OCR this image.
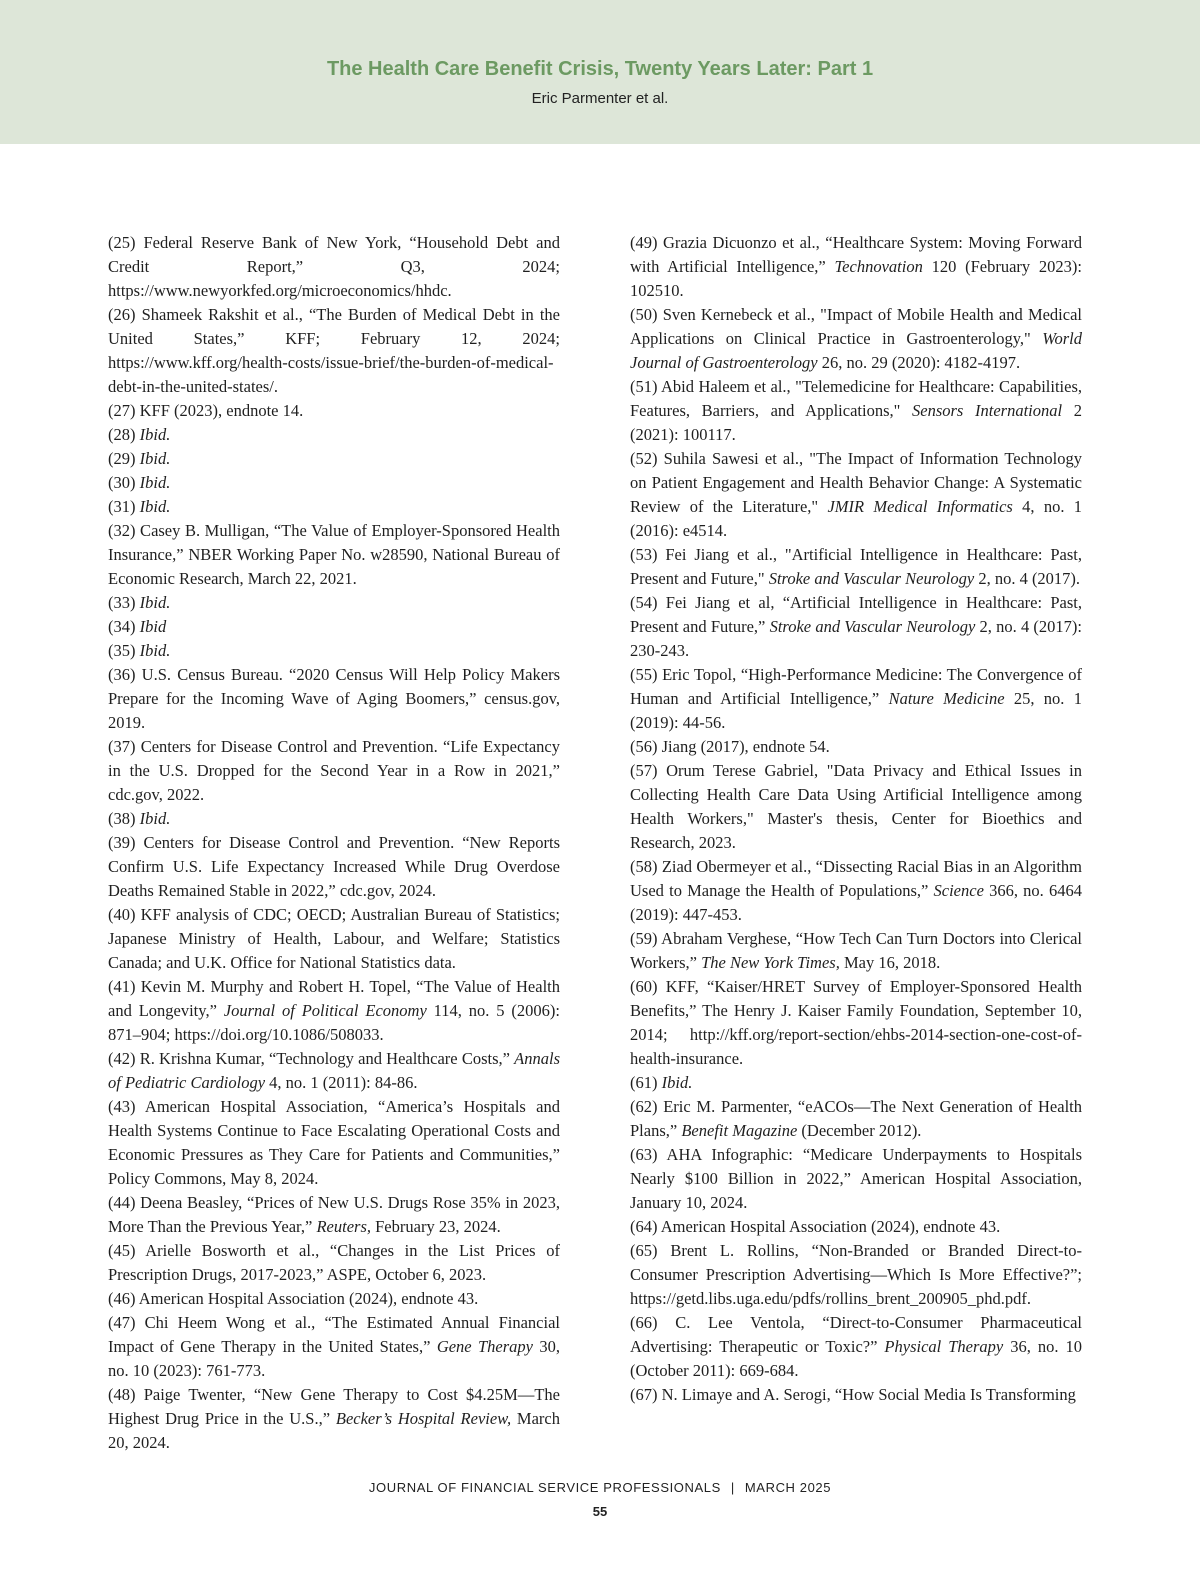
The Health Care Benefit Crisis, Twenty Years Later: Part 1
Eric Parmenter et al.

(25) Federal Reserve Bank of New York, “Household Debt and Credit Report,” Q3, 2024; https://www.newyorkfed.org/microeconomics/hhdc.

(26) Shameek Rakshit et al., “The Burden of Medical Debt in the United States,” KFF; February 12, 2024; https://www.kff.org/health-costs/issue-brief/the-burden-of-medical-debt-in-the-united-states/.

(27) KFF (2023), endnote 14.

(28) Ibid.

(29) Ibid.

(30) Ibid.

(31) Ibid.

(32) Casey B. Mulligan, “The Value of Employer-Sponsored Health Insurance,” NBER Working Paper No. w28590, National Bureau of Economic Research, March 22, 2021.

(33) Ibid.

(34) Ibid

(35) Ibid.

(36) U.S. Census Bureau. “2020 Census Will Help Policy Makers Prepare for the Incoming Wave of Aging Boomers,” census.gov, 2019.

(37) Centers for Disease Control and Prevention. “Life Expectancy in the U.S. Dropped for the Second Year in a Row in 2021,” cdc.gov, 2022.

(38) Ibid.

(39) Centers for Disease Control and Prevention. “New Reports Confirm U.S. Life Expectancy Increased While Drug Overdose Deaths Remained Stable in 2022,” cdc.gov, 2024.

(40) KFF analysis of CDC; OECD; Australian Bureau of Statistics; Japanese Ministry of Health, Labour, and Welfare; Statistics Canada; and U.K. Office for National Statistics data.

(41) Kevin M. Murphy and Robert H. Topel, “The Value of Health and Longevity,” Journal of Political Economy 114, no. 5 (2006): 871–904; https://doi.org/10.1086/508033.

(42) R. Krishna Kumar, “Technology and Healthcare Costs,” Annals of Pediatric Cardiology 4, no. 1 (2011): 84-86.

(43) American Hospital Association, “America’s Hospitals and Health Systems Continue to Face Escalating Operational Costs and Economic Pressures as They Care for Patients and Communities,” Policy Commons, May 8, 2024.

(44) Deena Beasley, “Prices of New U.S. Drugs Rose 35% in 2023, More Than the Previous Year,” Reuters, February 23, 2024.

(45) Arielle Bosworth et al., “Changes in the List Prices of Prescription Drugs, 2017-2023,” ASPE, October 6, 2023.

(46) American Hospital Association (2024), endnote 43.

(47) Chi Heem Wong et al., “The Estimated Annual Financial Impact of Gene Therapy in the United States,” Gene Therapy 30, no. 10 (2023): 761-773.

(48) Paige Twenter, “New Gene Therapy to Cost $4.25M—The Highest Drug Price in the U.S.,” Becker’s Hospital Review, March 20, 2024.

(49) Grazia Dicuonzo et al., “Healthcare System: Moving Forward with Artificial Intelligence,” Technovation 120 (February 2023): 102510.

(50) Sven Kernebeck et al., "Impact of Mobile Health and Medical Applications on Clinical Practice in Gastroenterology," World Journal of Gastroenterology 26, no. 29 (2020): 4182-4197.

(51) Abid Haleem et al., "Telemedicine for Healthcare: Capabilities, Features, Barriers, and Applications," Sensors International 2 (2021): 100117.

(52) Suhila Sawesi et al., "The Impact of Information Technology on Patient Engagement and Health Behavior Change: A Systematic Review of the Literature," JMIR Medical Informatics 4, no. 1 (2016): e4514.

(53) Fei Jiang et al., "Artificial Intelligence in Healthcare: Past, Present and Future," Stroke and Vascular Neurology 2, no. 4 (2017).

(54) Fei Jiang et al, “Artificial Intelligence in Healthcare: Past, Present and Future,” Stroke and Vascular Neurology 2, no. 4 (2017): 230-243.

(55) Eric Topol, “High-Performance Medicine: The Convergence of Human and Artificial Intelligence,” Nature Medicine 25, no. 1 (2019): 44-56.

(56) Jiang (2017), endnote 54.

(57) Orum Terese Gabriel, "Data Privacy and Ethical Issues in Collecting Health Care Data Using Artificial Intelligence among Health Workers," Master's thesis, Center for Bioethics and Research, 2023.

(58) Ziad Obermeyer et al., “Dissecting Racial Bias in an Algorithm Used to Manage the Health of Populations,” Science 366, no. 6464 (2019): 447-453.

(59) Abraham Verghese, “How Tech Can Turn Doctors into Clerical Workers,” The New York Times, May 16, 2018.

(60) KFF, “Kaiser/HRET Survey of Employer-Sponsored Health Benefits,” The Henry J. Kaiser Family Foundation, September 10, 2014; http://kff.org/report-section/ehbs-2014-section-one-cost-of-health-insurance.

(61) Ibid.

(62) Eric M. Parmenter, “eACOs—The Next Generation of Health Plans,” Benefit Magazine (December 2012).

(63) AHA Infographic: “Medicare Underpayments to Hospitals Nearly $100 Billion in 2022,” American Hospital Association, January 10, 2024.

(64) American Hospital Association (2024), endnote 43.

(65) Brent L. Rollins, “Non-Branded or Branded Direct-to-Consumer Prescription Advertising—Which Is More Effective?”; https://getd.libs.uga.edu/pdfs/rollins_brent_200905_phd.pdf.

(66) C. Lee Ventola, “Direct-to-Consumer Pharmaceutical Advertising: Therapeutic or Toxic?” Physical Therapy 36, no. 10 (October 2011): 669-684.

(67) N. Limaye and A. Serogi, “How Social Media Is Transforming

JOURNAL OF FINANCIAL SERVICE PROFESSIONALS | MARCH 2025
55
